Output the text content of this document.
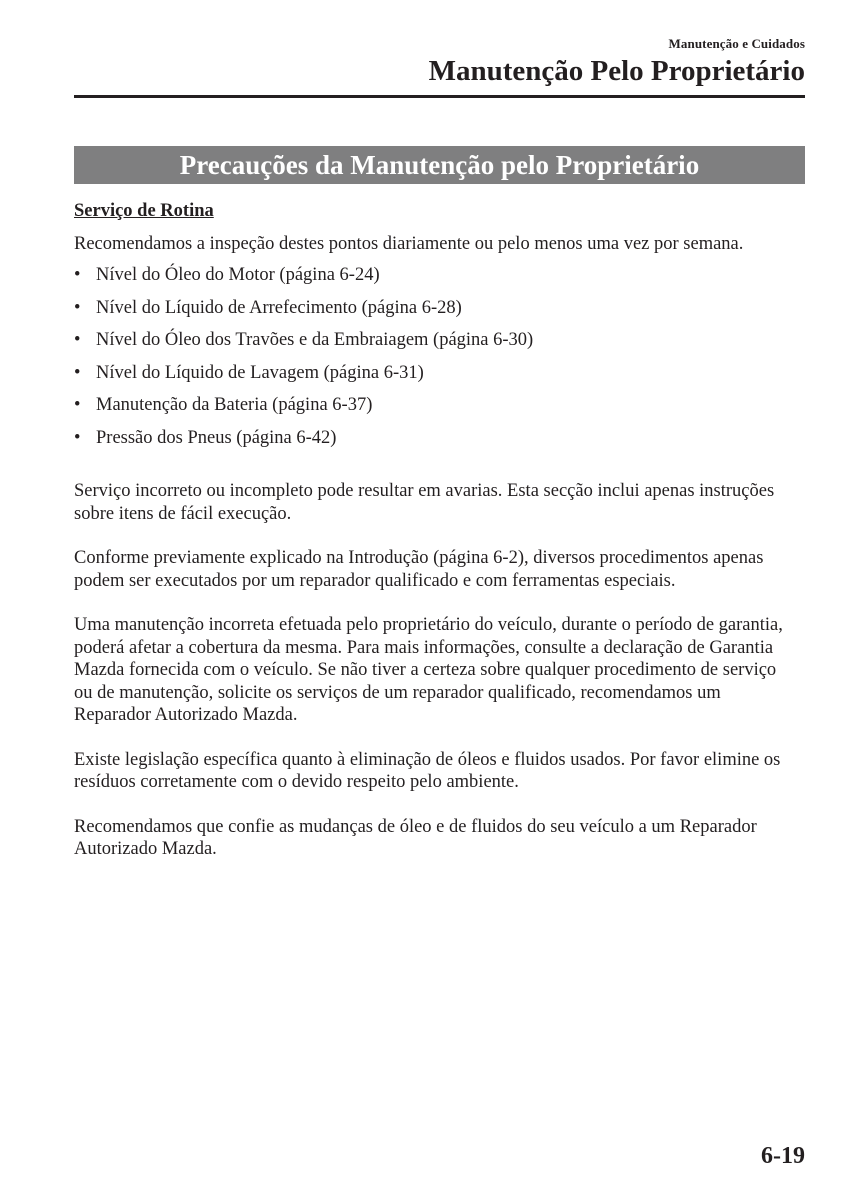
Manutenção e Cuidados
Manutenção Pelo Proprietário
Precauções da Manutenção pelo Proprietário
Serviço de Rotina
Recomendamos a inspeção destes pontos diariamente ou pelo menos uma vez por semana.
• Nível do Óleo do Motor (página 6-24)
• Nível do Líquido de Arrefecimento (página 6-28)
• Nível do Óleo dos Travões e da Embraiagem (página 6-30)
• Nível do Líquido de Lavagem (página 6-31)
• Manutenção da Bateria (página 6-37)
• Pressão dos Pneus (página 6-42)

Serviço incorreto ou incompleto pode resultar em avarias. Esta secção inclui apenas instruções sobre itens de fácil execução.

Conforme previamente explicado na Introdução (página 6-2), diversos procedimentos apenas podem ser executados por um reparador qualificado e com ferramentas especiais.

Uma manutenção incorreta efetuada pelo proprietário do veículo, durante o período de garantia, poderá afetar a cobertura da mesma. Para mais informações, consulte a declaração de Garantia Mazda fornecida com o veículo. Se não tiver a certeza sobre qualquer procedimento de serviço ou de manutenção, solicite os serviços de um reparador qualificado, recomendamos um Reparador Autorizado Mazda.

Existe legislação específica quanto à eliminação de óleos e fluidos usados. Por favor elimine os resíduos corretamente com o devido respeito pelo ambiente.

Recomendamos que confie as mudanças de óleo e de fluidos do seu veículo a um Reparador Autorizado Mazda.

6-19
